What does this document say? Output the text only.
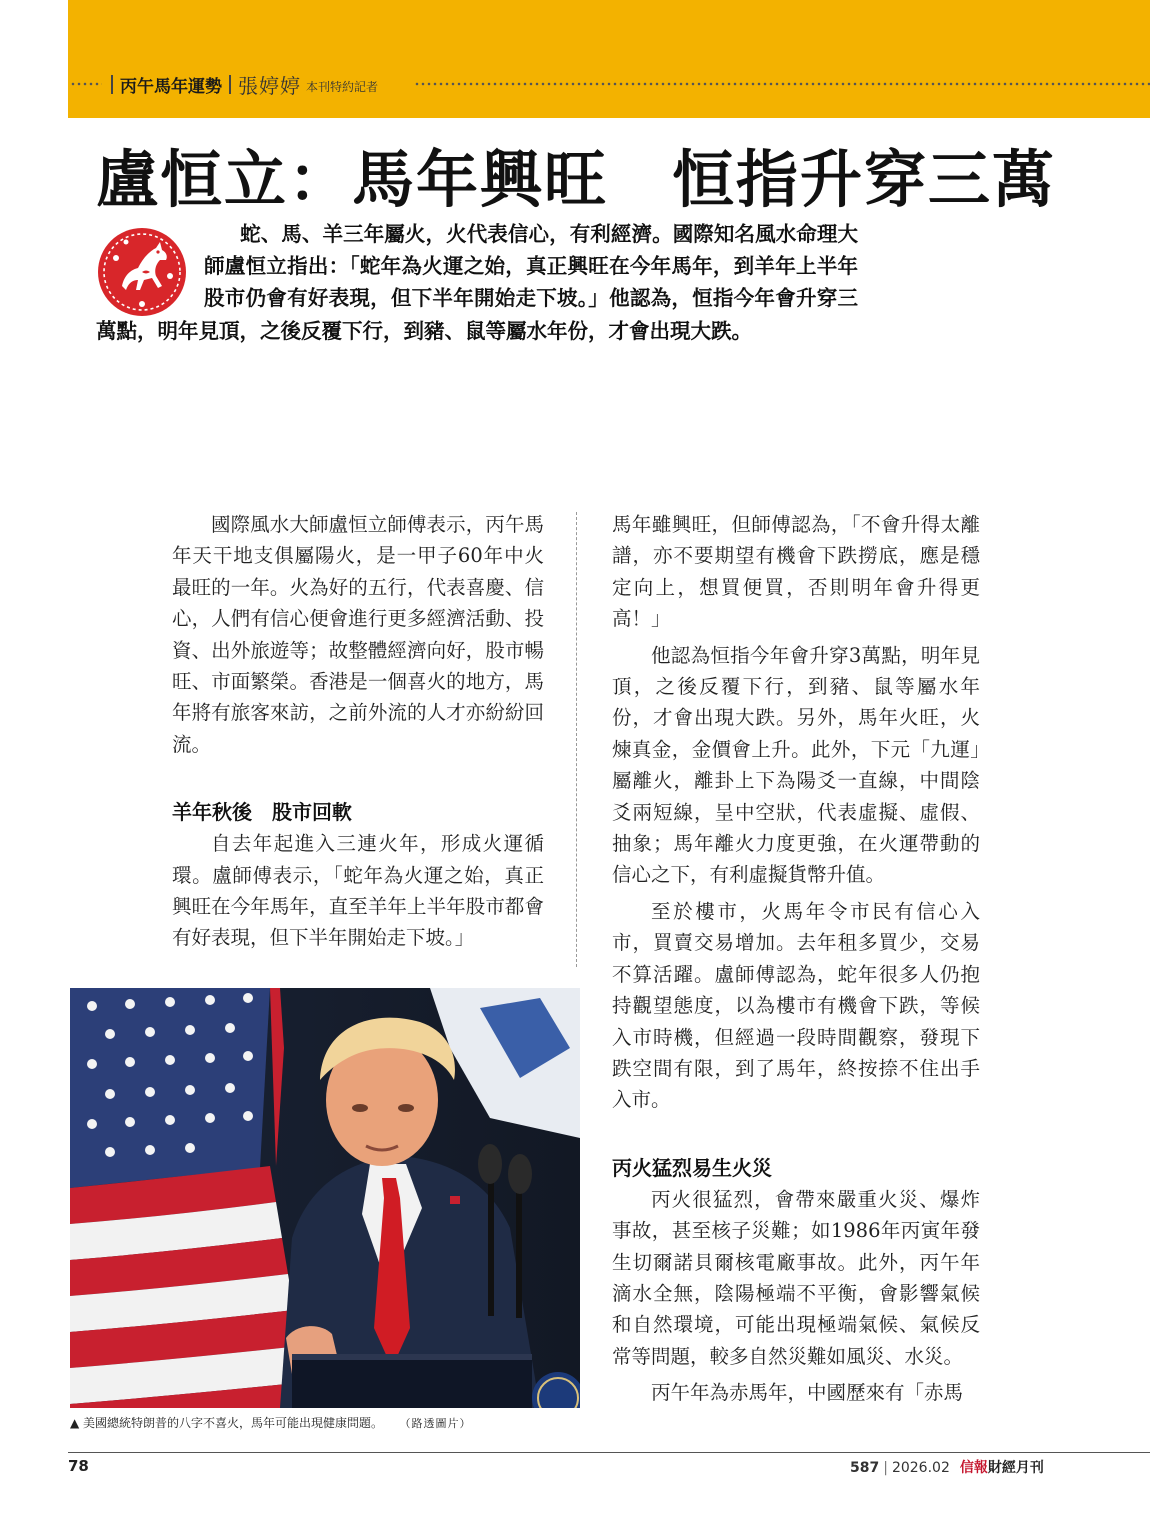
丙午馬年運勢 張婷婷 本刊特約記者
盧恒立：馬年興旺　恒指升穿三萬

蛇、馬、羊三年屬火，火代表信心，有利經濟。國際知名風水命理大師盧恒立指出：「蛇年為火運之始，真正興旺在今年馬年，到羊年上半年股市仍會有好表現，但下半年開始走下坡。」他認為，恒指今年會升穿三萬點，明年見頂，之後反覆下行，到豬、鼠等屬水年份，才會出現大跌。

國際風水大師盧恒立師傅表示，丙午馬年天干地支俱屬陽火，是一甲子60年中火最旺的一年。火為好的五行，代表喜慶、信心，人們有信心便會進行更多經濟活動、投資、出外旅遊等；故整體經濟向好，股市暢旺、市面繁榮。香港是一個喜火的地方，馬年將有旅客來訪，之前外流的人才亦紛紛回流。

羊年秋後　股市回軟

自去年起進入三連火年，形成火運循環。盧師傅表示，「蛇年為火運之始，真正興旺在今年馬年，直至羊年上半年股市都會有好表現，但下半年開始走下坡。」

馬年雖興旺，但師傅認為，「不會升得太離譜，亦不要期望有機會下跌撈底，應是穩定向上，想買便買，否則明年會升得更高！」

他認為恒指今年會升穿3萬點，明年見頂，之後反覆下行，到豬、鼠等屬水年份，才會出現大跌。另外，馬年火旺，火煉真金，金價會上升。此外，下元「九運」屬離火，離卦上下為陽爻一直線，中間陰爻兩短線，呈中空狀，代表虛擬、虛假、抽象；馬年離火力度更強，在火運帶動的信心之下，有利虛擬貨幣升值。

至於樓市，火馬年令市民有信心入市，買賣交易增加。去年租多買少，交易不算活躍。盧師傅認為，蛇年很多人仍抱持觀望態度，以為樓市有機會下跌，等候入市時機，但經過一段時間觀察，發現下跌空間有限，到了馬年，終按捺不住出手入市。

丙火猛烈易生火災

丙火很猛烈，會帶來嚴重火災、爆炸事故，甚至核子災難；如1986年丙寅年發生切爾諾貝爾核電廠事故。此外，丙午年滴水全無，陰陽極端不平衡，會影響氣候和自然環境，可能出現極端氣候、氣候反常等問題，較多自然災難如風災、水災。

丙午年為赤馬年，中國歷來有「赤馬

▲ 美國總統特朗普的八字不喜火，馬年可能出現健康問題。 （路透圖片）
78	587 | 2026.02 信報財經月刊
